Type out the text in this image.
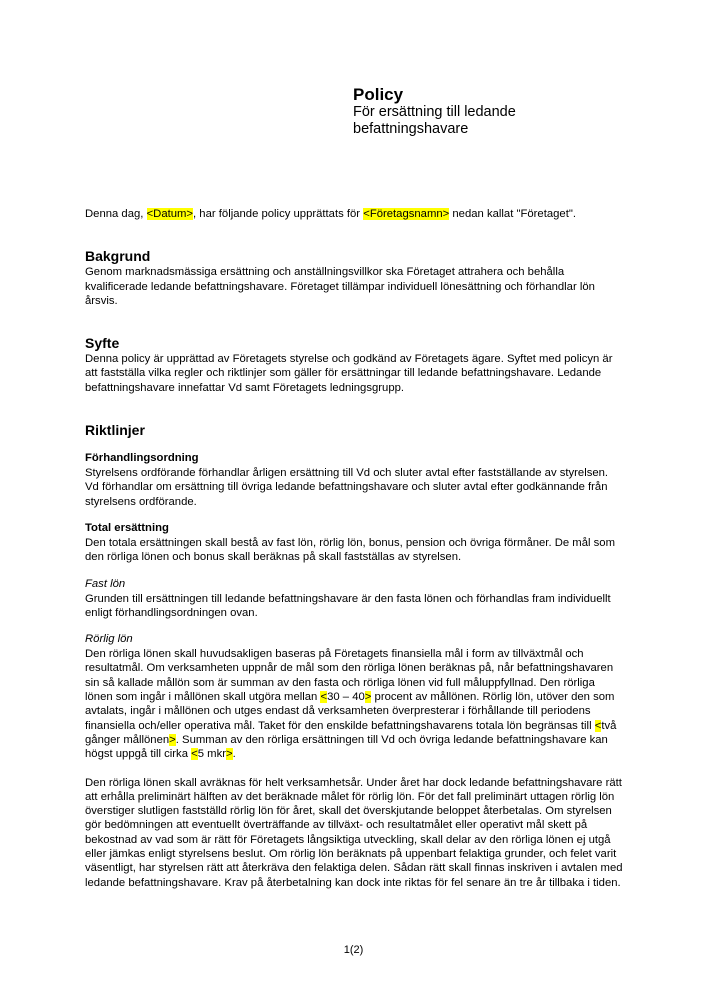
Policy
För ersättning till ledande
befattningshavare

Denna dag, <Datum>, har följande policy upprättats för <Företagsnamn> nedan kallat "Företaget".

Bakgrund

Genom marknadsmässiga ersättning och anställningsvillkor ska Företaget attrahera och behålla kvalificerade ledande befattningshavare. Företaget tillämpar individuell lönesättning och förhandlar lön årsvis.

Syfte

Denna policy är upprättad av Företagets styrelse och godkänd av Företagets ägare. Syftet med policyn är att fastställa vilka regler och riktlinjer som gäller för ersättningar till ledande befattningshavare. Ledande befattningshavare innefattar Vd samt Företagets ledningsgrupp.

Riktlinjer
Förhandlingsordning

Styrelsens ordförande förhandlar årligen ersättning till Vd och sluter avtal efter fastställande av styrelsen. Vd förhandlar om ersättning till övriga ledande befattningshavare och sluter avtal efter godkännande från styrelsens ordförande.

Total ersättning

Den totala ersättningen skall bestå av fast lön, rörlig lön, bonus, pension och övriga förmåner. De mål som den rörliga lönen och bonus skall beräknas på skall fastställas av styrelsen.

Fast lön

Grunden till ersättningen till ledande befattningshavare är den fasta lönen och förhandlas fram individuellt enligt förhandlingsordningen ovan.

Rörlig lön

Den rörliga lönen skall huvudsakligen baseras på Företagets finansiella mål i form av tillväxtmål och resultatmål. Om verksamheten uppnår de mål som den rörliga lönen beräknas på, når befattningshavaren sin så kallade mållön som är summan av den fasta och rörliga lönen vid full måluppfyllnad. Den rörliga lönen som ingår i mållönen skall utgöra mellan <30 – 40> procent av mållönen. Rörlig lön, utöver den som avtalats, ingår i mållönen och utges endast då verksamheten överpresterar i förhållande till periodens finansiella och/eller operativa mål. Taket för den enskilde befattningshavarens totala lön begränsas till <två gånger mållönen>. Summan av den rörliga ersättningen till Vd och övriga ledande befattningshavare kan högst uppgå till cirka <5 mkr>.

Den rörliga lönen skall avräknas för helt verksamhetsår. Under året har dock ledande befattningshavare rätt att erhålla preliminärt hälften av det beräknade målet för rörlig lön. För det fall preliminärt uttagen rörlig lön överstiger slutligen fastställd rörlig lön för året, skall det överskjutande beloppet återbetalas. Om styrelsen gör bedömningen att eventuellt överträffande av tillväxt- och resultatmålet eller operativt mål skett på bekostnad av vad som är rätt för Företagets långsiktiga utveckling, skall delar av den rörliga lönen ej utgå eller jämkas enligt styrelsens beslut. Om rörlig lön beräknats på uppenbart felaktiga grunder, och felet varit väsentligt, har styrelsen rätt att återkräva den felaktiga delen. Sådan rätt skall finnas inskriven i avtalen med ledande befattningshavare. Krav på återbetalning kan dock inte riktas för fel senare än tre år tillbaka i tiden.

1(2)
